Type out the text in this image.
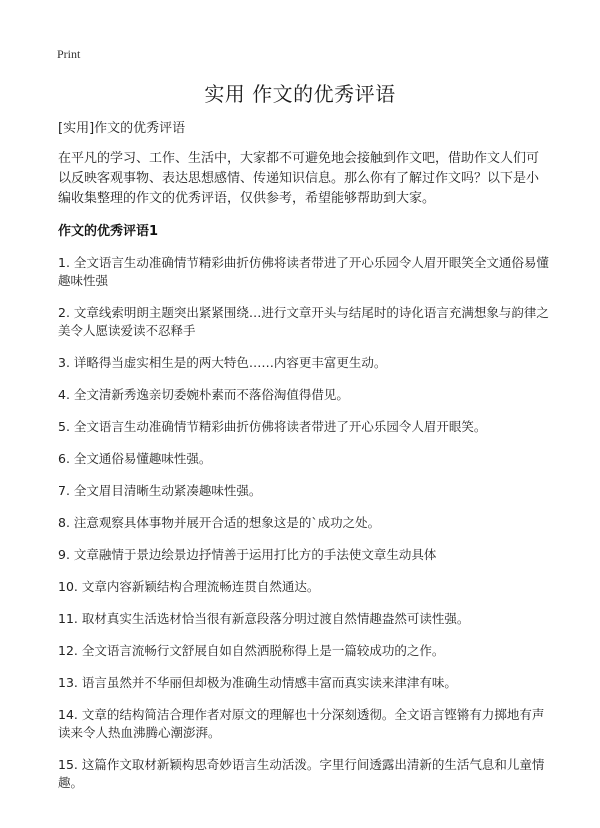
Print
实用 作文的优秀评语

[实用]作文的优秀评语

在平凡的学习、工作、生活中，大家都不可避免地会接触到作文吧，借助作文人们可以反映客观事物、表达思想感情、传递知识信息。那么你有了解过作文吗？以下是小编收集整理的作文的优秀评语，仅供参考，希望能够帮助到大家。

作文的优秀评语1
1. 全文语言生动准确情节精彩曲折仿佛将读者带进了开心乐园令人眉开眼笑全文通俗易懂趣味性强
2. 文章线索明朗主题突出紧紧围绕…进行文章开头与结尾时的诗化语言充满想象与韵律之美令人愿读爱读不忍释手
3. 详略得当虚实相生是的两大特色……内容更丰富更生动。
4. 全文清新秀逸亲切委婉朴素而不落俗淘值得借见。
5. 全文语言生动准确情节精彩曲折仿佛将读者带进了开心乐园令人眉开眼笑。
6. 全文通俗易懂趣味性强。
7. 全文眉目清晰生动紧凑趣味性强。
8. 注意观察具体事物并展开合适的想象这是的`成功之处。
9. 文章融情于景边绘景边抒情善于运用打比方的手法使文章生动具体
10. 文章内容新颖结构合理流畅连贯自然通达。
11. 取材真实生活选材恰当很有新意段落分明过渡自然情趣盎然可读性强。
12. 全文语言流畅行文舒展自如自然洒脱称得上是一篇较成功的之作。
13. 语言虽然并不华丽但却极为准确生动情感丰富而真实读来津津有味。
14. 文章的结构简洁合理作者对原文的理解也十分深刻透彻。全文语言铿锵有力掷地有声读来令人热血沸腾心潮澎湃。
15. 这篇作文取材新颖构思奇妙语言生动活泼。字里行间透露出清新的生活气息和儿童情趣。
